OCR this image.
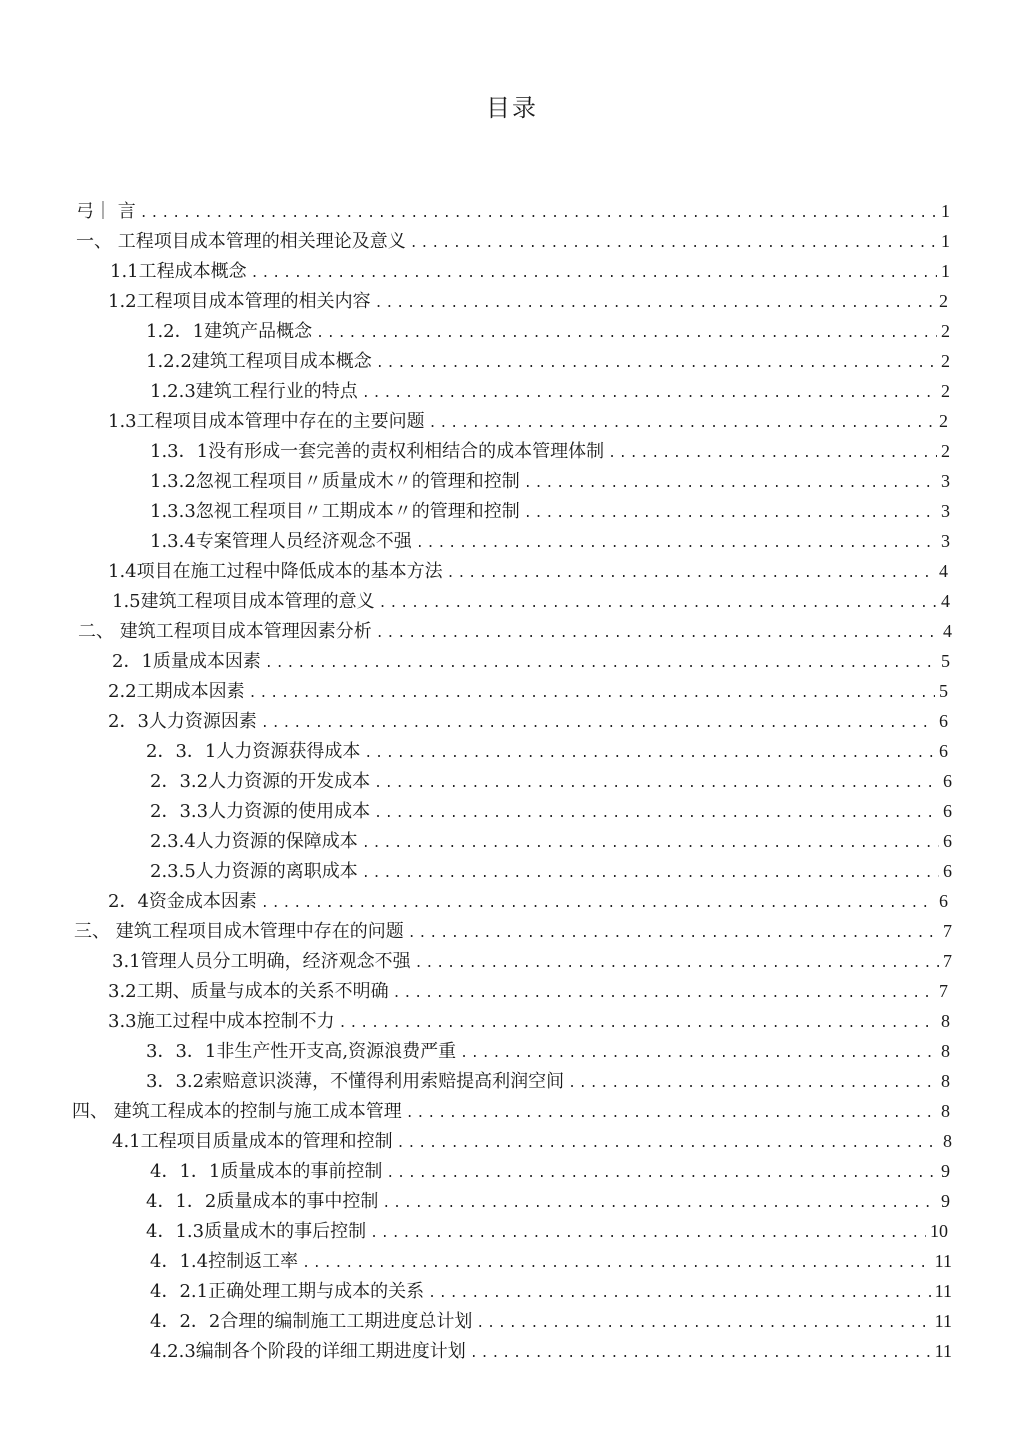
目录
弓｜ 言 .....	1
一、 工程项目成本管理的相关理论及意义 .....	1
1.1工程成本概念 .....	1
1.2工程项目成本管理的相关内容 .....	2
1.2．1建筑产品概念 .....	2
1.2.2建筑工程项目成本概念 .....	2
1.2.3建筑工程行业的特点 .....	2
1.3工程项目成本管理中存在的主要问题 .....	2
1.3．1没有形成一套完善的责权利相结合的成本管理体制 .....	2
1.3.2忽视工程项目〃质量成木〃的管理和控制 .....	3
1.3.3忽视工程项目〃工期成本〃的管理和控制 .....	3
1.3.4专案管理人员经济观念不强 .....	3
1.4项目在施工过程中降低成本的基本方法 .....	4
1.5建筑工程项目成本管理的意义 .....	4
二、 建筑工程项目成本管理因素分析 .....	4
2．1质量成本因素 .....	5
2.2工期成本因素 .....	5
2．3人力资源因素 .....	6
2．3．1人力资源获得成本 .....	6
2．3.2人力资源的开发成本 .....	6
2．3.3人力资源的使用成本 .....	6
2.3.4人力资源的保障成本 .....	6
2.3.5人力资源的离职成本 .....	6
2．4资金成本因素 .....	6
三、 建筑工程项目成木管理中存在的问题 .....	7
3.1管理人员分工明确，经济观念不强 .....	7
3.2工期、质量与成本的关系不明确 .....	7
3.3施工过程中成本控制不力 .....	8
3．3．1非生产性开支高,资源浪费严重 .....	8
3．3.2索赔意识淡薄，不懂得利用索赔提高利润空间 .....	8
四、 建筑工程成本的控制与施工成本管理 .....	8
4.1工程项目质量成本的管理和控制 .....	8
4．1．1质量成本的事前控制 .....	9
4．1．2质量成本的事中控制 .....	9
4．1.3质量成木的事后控制 .....	10
4．1.4控制返工率 .....	11
4．2.1正确处理工期与成本的关系 .....	11
4．2．2合理的编制施工工期进度总计划 .....	11
4.2.3编制各个阶段的详细工期进度计划 .....	11
